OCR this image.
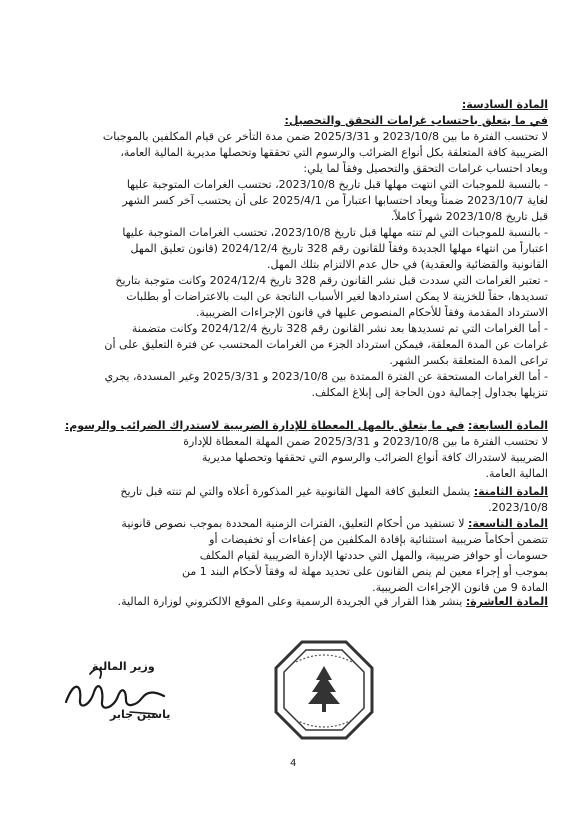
المادة السادسة:
في ما يتعلق باحتساب غرامات التحقق والتحصيل:
لا تحتسب الفترة ما بين 2023/10/8 و 2025/3/31 ضمن مدة التأخر عن قيام المكلفين بالموجبات
الضريبية كافة المتعلقة بكل أنواع الضرائب والرسوم التي تحققها وتحصلها مديرية المالية العامة،
ويعاد احتساب غرامات التحقق والتحصيل وفقاً لما يلي:
- بالنسبة للموجبات التي انتهت مهلها قبل تاريخ 2023/10/8، تحتسب الغرامات المتوجبة عليها
لغاية 2023/10/7 ضمناً ويعاد احتسابها اعتباراً من 2025/4/1 على أن يحتسب آخر كسر الشهر
قبل تاريخ 2023/10/8 شهراً كاملاً.
- بالنسبة للموجبات التي لم تنته مهلها قبل تاريخ 2023/10/8، تحتسب الغرامات المتوجبة عليها
اعتباراً من انتهاء مهلها الجديدة وفقاً للقانون رقم 328 تاريخ 2024/12/4 (قانون تعليق المهل
القانونية والقضائية والعقدية) في حال عدم الالتزام بتلك المهل.
- تعتبر الغرامات التي سددت قبل نشر القانون رقم 328 تاريخ 2024/12/4 وكانت متوجبة بتاريخ
تسديدها، حقاً للخزينة لا يمكن استردادها لغير الأسباب الناتجة عن البت بالاعتراضات أو بطلبات
الاسترداد المقدمة وفقاً للأحكام المنصوص عليها في قانون الإجراءات الضريبية.
- أما الغرامات التي تم تسديدها بعد نشر القانون رقم 328 تاريخ 2024/12/4 وكانت متضمنة
غرامات عن المدة المعلقة، فيمكن استرداد الجزء من الغرامات المحتسب عن فترة التعليق على أن
تراعى المدة المتعلقة بكسر الشهر.
- أما الغرامات المستحقة عن الفترة الممتدة بين 2023/10/8 و 2025/3/31 وغير المسددة، يجري
تنزيلها بجداول إجمالية دون الحاجة إلى إبلاغ المكلف.
المادة السابعة: في ما يتعلق بالمهل المعطاة للإدارة الضريبية لاستدراك الضرائب والرسوم:
لا تحتسب الفترة ما بين 2023/10/8 و 2025/3/31 ضمن المهلة المعطاة للإدارة
الضريبية لاستدراك كافة أنواع الضرائب والرسوم التي تحققها وتحصلها مديرية
المالية العامة.
المادة الثامنة: يشمل التعليق كافة المهل القانونية غير المذكورة أعلاه والتي لم تنته قبل تاريخ
2023/10/8.
المادة التاسعة: لا تستفيد من أحكام التعليق، الفترات الزمنية المحددة بموجب نصوص قانونية
تتضمن أحكاماً ضريبية استثنائية بإفادة المكلفين من إعفاءات أو تخفيضات أو
حسومات أو حوافز ضريبية، والمهل التي حددتها الإدارة الضريبية لقيام المكلف
بموجب أو إجراء معين لم ينص القانون على تحديد مهلة له وفقاً لأحكام البند 1 من
المادة 9 من قانون الإجراءات الضريبية.
المادة العاشرة: ينشر هذا القرار في الجريدة الرسمية وعلى الموقع الالكتروني لوزارة المالية.
وزير المالية
ياسين جابر
4
